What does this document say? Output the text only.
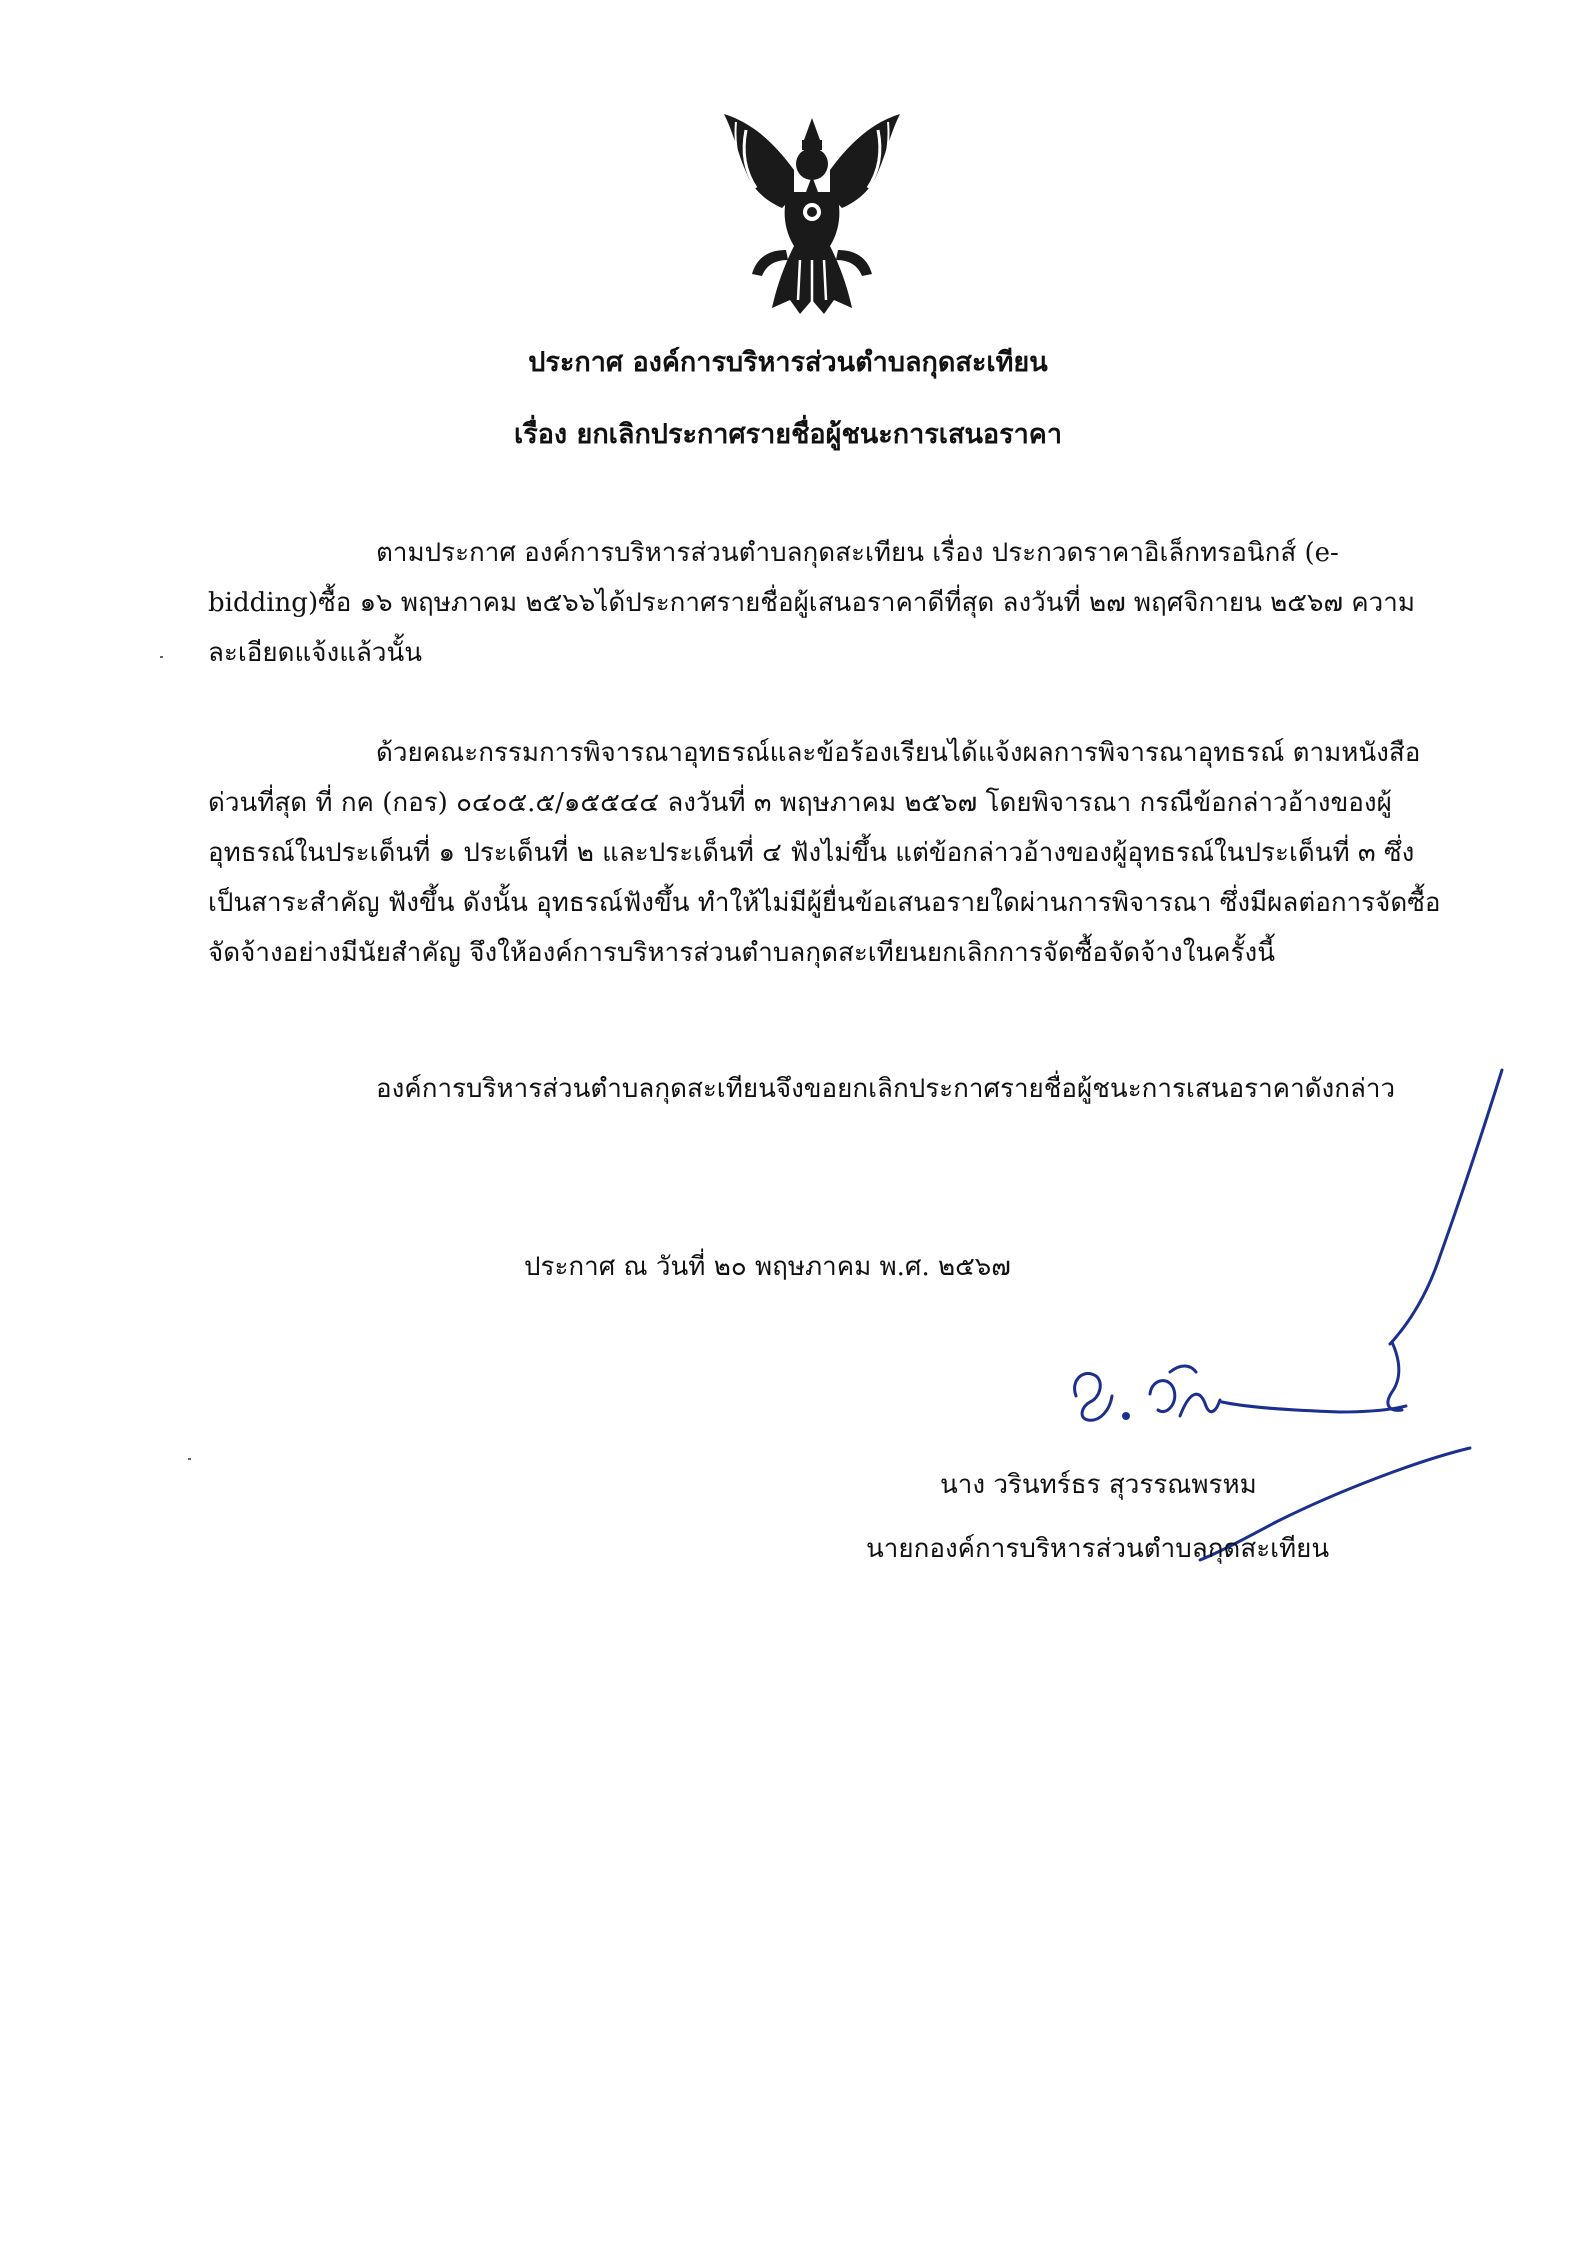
ประกาศ องค์การบริหารส่วนตำบลกุดสะเทียน
เรื่อง ยกเลิกประกาศรายชื่อผู้ชนะการเสนอราคา
ตามประกาศ องค์การบริหารส่วนตำบลกุดสะเทียน เรื่อง ประกวดราคาอิเล็กทรอนิกส์ (e-
bidding)ซื้อ ๑๖ พฤษภาคม ๒๕๖๖ได้ประกาศรายชื่อผู้เสนอราคาดีที่สุด ลงวันที่ ๒๗ พฤศจิกายน ๒๕๖๗ ความ
ละเอียดแจ้งแล้วนั้น
ด้วยคณะกรรมการพิจารณาอุทธรณ์และข้อร้องเรียนได้แจ้งผลการพิจารณาอุทธรณ์ ตามหนังสือ
ด่วนที่สุด ที่ กค (กอร) ๐๔๐๕.๕/๑๕๕๔๔ ลงวันที่ ๓ พฤษภาคม ๒๕๖๗ โดยพิจารณา กรณีข้อกล่าวอ้างของผู้
อุทธรณ์ในประเด็นที่ ๑ ประเด็นที่ ๒ และประเด็นที่ ๔ ฟังไม่ขึ้น แต่ข้อกล่าวอ้างของผู้อุทธรณ์ในประเด็นที่ ๓ ซึ่ง
เป็นสาระสำคัญ ฟังขึ้น ดังนั้น อุทธรณ์ฟังขึ้น ทำให้ไม่มีผู้ยื่นข้อเสนอรายใดผ่านการพิจารณา ซึ่งมีผลต่อการจัดซื้อ
จัดจ้างอย่างมีนัยสำคัญ จึงให้องค์การบริหารส่วนตำบลกุดสะเทียนยกเลิกการจัดซื้อจัดจ้างในครั้งนี้
องค์การบริหารส่วนตำบลกุดสะเทียนจึงขอยกเลิกประกาศรายชื่อผู้ชนะการเสนอราคาดังกล่าว
ประกาศ ณ วันที่ ๒๐ พฤษภาคม พ.ศ. ๒๕๖๗
นาง วรินทร์ธร สุวรรณพรหม
นายกองค์การบริหารส่วนตำบลกุดสะเทียน
